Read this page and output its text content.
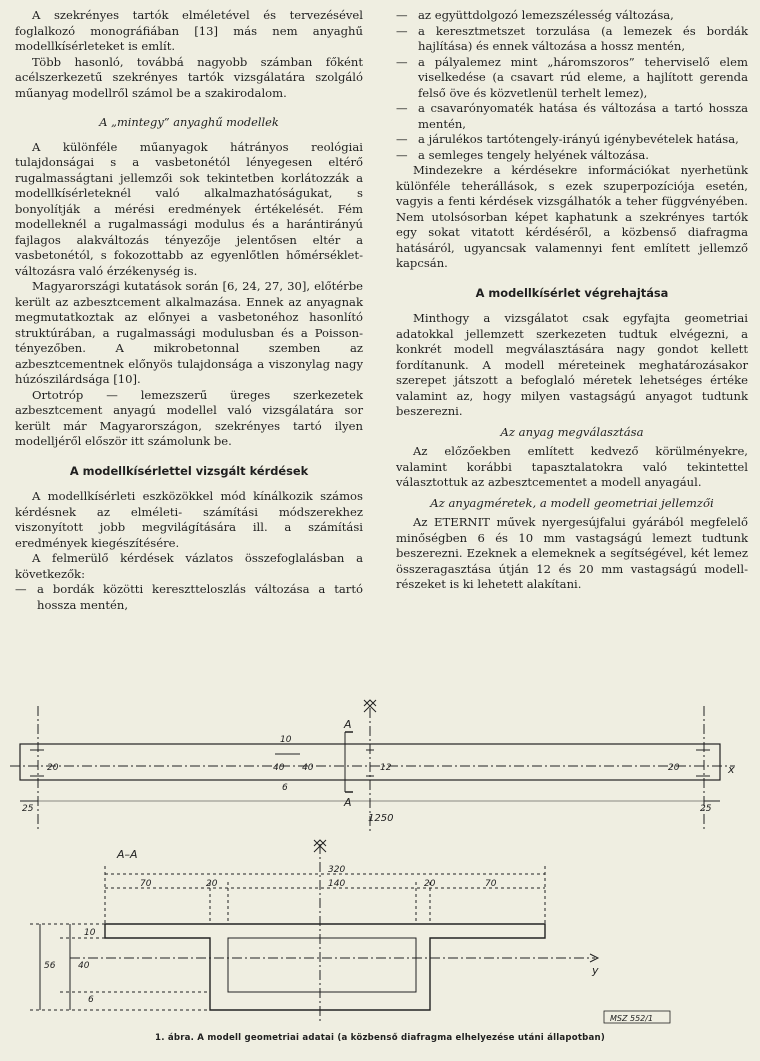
A szekrényes tartók elméletével és tervezésével foglalkozó monográfiában [13] más nem anyaghű modellkísérleteket is említ.

Több hasonló, továbbá nagyobb számban főként acélszerkezetű szekrényes tartók vizsgálatára szolgáló műanyag modellről számol be a szakirodalom.

A „mintegy” anyaghű modellek

A különféle műanyagok hátrányos reológiai tulajdonságai s a vasbetonétól lényegesen eltérő rugalmasságtani jellemzői sok tekintetben korlátozzák a modellkísérleteknél való alkalmazhatóságukat, s bonyolítják a mérési eredmények értékelését. Fém modelleknél a rugalmassági modulus és a harántirányú fajlagos alakváltozás tényezője jelentősen eltér a vasbetonétól, s fokozottabb az egyenlőtlen hőmérséklet-változásra való érzékenység is.

Magyarországi kutatások során [6, 24, 27, 30], előtérbe került az azbesztcement alkalmazása. Ennek az anyagnak megmutatkoztak az előnyei a vasbetonéhoz hasonlító struktúrában, a rugalmassági modulusban és a Poisson-tényezőben. A mikrobetonnal szemben az azbesztcementnek előnyös tulajdonsága a viszonylag nagy húzószilárdsága [10].

Ortotróp — lemezszerű üreges szerkezetek azbesztcement anyagú modellel való vizsgálatára sor került már Magyarországon, szekrényes tartó ilyen modelljéről először itt számolunk be.

A modellkísérlettel vizsgált kérdések

A modellkísérleti eszközökkel mód kínálkozik számos kérdésnek az elméleti- számítási módszerekhez viszonyított jobb megvilágítására ill. a számítási eredmények kiegészítésére.

A felmerülő kérdések vázlatos összefoglalásban a következők:

— a bordák közötti keresztteloszlás változása a tartó hossza mentén,
— az együttdolgozó lemezszélesség változása,
— a keresztmetszet torzulása (a lemezek és bordák hajlítása) és ennek változása a hossz mentén,
— a pályalemez mint „háromszoros” teherviselő elem viselkedése (a csavart rúd eleme, a hajlított gerenda felső öve és közvetlenül terhelt lemez),
— a csavarónyomaték hatása és változása a tartó hossza mentén,
— a járulékos tartótengely-irányú igénybevételek hatása,
— a semleges tengely helyének változása.

Mindezekre a kérdésekre információkat nyerhetünk különféle teherállások, s ezek szuperpozíciója esetén, vagyis a fenti kérdések vizsgálhatók a teher függvényében. Nem utolsósorban képet kaphatunk a szekrényes tartók egy sokat vitatott kérdéséről, a közbenső diafragma hatásáról, ugyancsak valamennyi fent említett jellemző kapcsán.

A modellkísérlet végrehajtása

Minthogy a vizsgálatot csak egyfajta geometriai adatokkal jellemzett szerkezeten tudtuk elvégezni, a konkrét modell megválasztására nagy gondot kellett fordítanunk. A modell méreteinek meghatározásakor szerepet játszott a befoglaló méretek lehetséges értéke valamint az, hogy milyen vastagságú anyagot tudtunk beszerezni.

Az anyag megválasztása

Az előzőekben említett kedvező körülményekre, valamint korábbi tapasztalatokra való tekintettel választottuk az azbesztcementet a modell anyagául.

Az anyagméretek, a modell geometriai jellemzői

Az ETERNIT művek nyergesújfalui gyárából megfelelő minőségben 6 és 10 mm vastagságú lemezt tudtunk beszerezni. Ezeknek a elemeknek a segítségével, két lemez összeragasztása útján 12 és 20 mm vastagságú modell-részeket is ki lehetett alakítani.

20
10
40 40
6
12	20
25
1250
25
A
A
x
A–A
320
70	20	140	20	70
10
56	40
6
y
MSZ 552/1
1. ábra. A modell geometriai adatai (a közbenső diafragma elhelyezése utáni állapotban)
